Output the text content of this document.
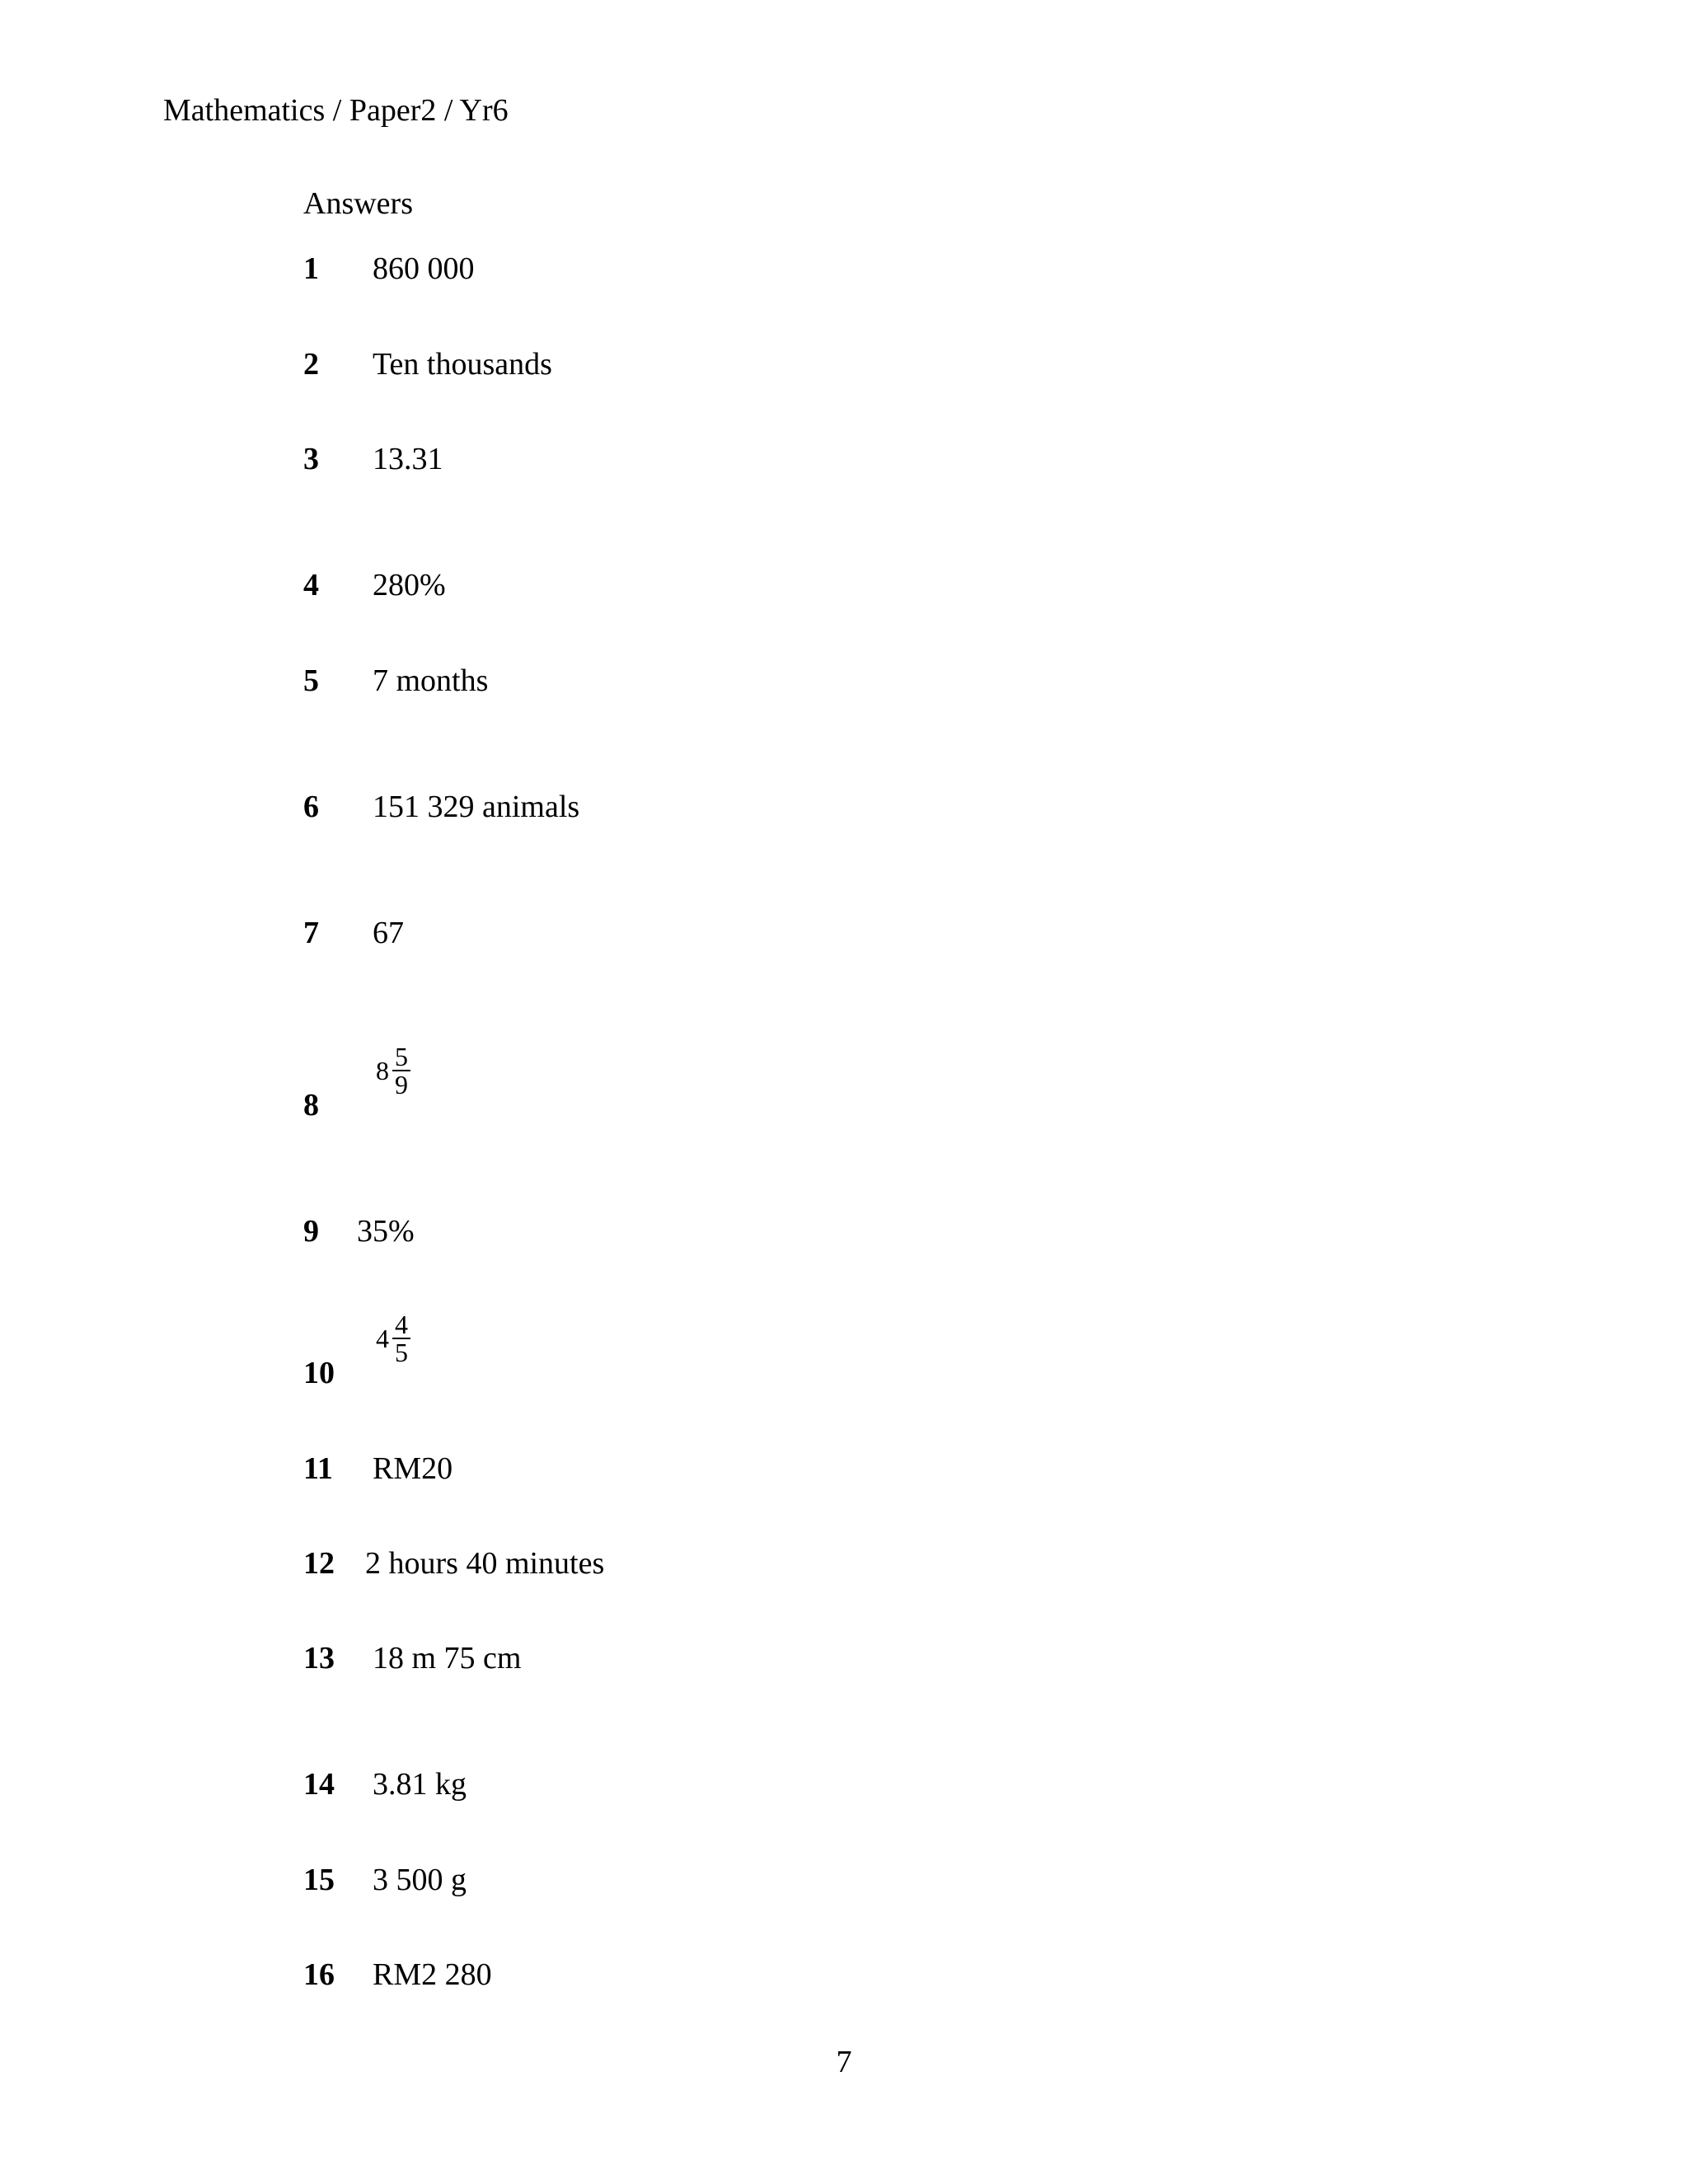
Mathematics / Paper2 / Yr6
Answers
1 860 000
2 Ten thousands
3 13.31
4 280%
5 7 months
6 151 329 animals
7 67
8
$8 \frac{5}{9}$
9 35%
10
$4 \frac{4}{5}$
11 RM20
12 2 hours 40 minutes
13 18 m 75 cm
14 3.81 kg
15 3 500 g
16 RM2 280
7
